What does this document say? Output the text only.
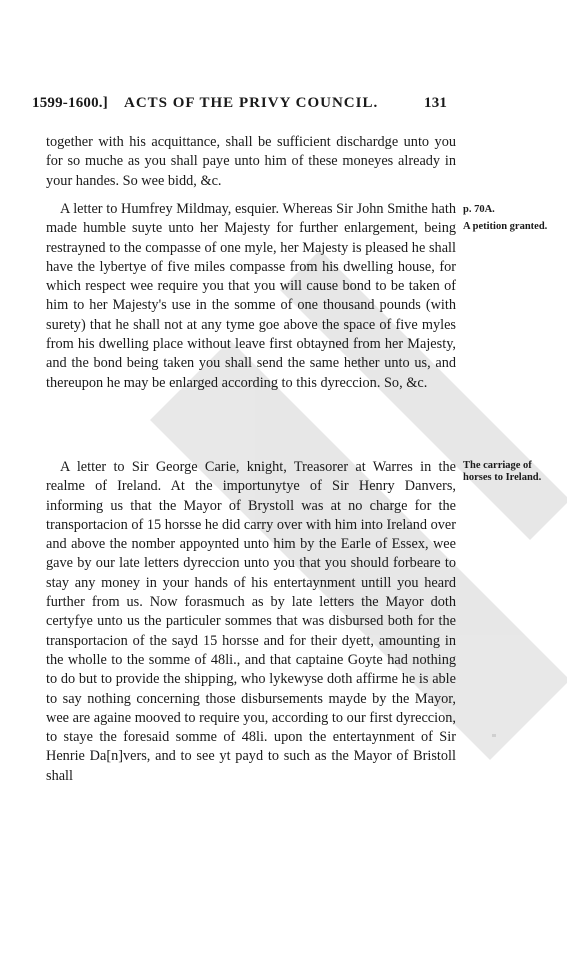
1599-1600.] ACTS OF THE PRIVY COUNCIL.	131

together with his acquittance, shall be sufficient dischardge unto you for so muche as you shall paye unto him of these moneyes already in your handes. So wee bidd, &c.

A letter to Humfrey Mildmay, esquier. Whereas Sir John Smithe hath made humble suyte unto her Majesty for further enlargement, being restrayned to the compasse of one myle, her Majesty is pleased he shall have the lybertye of five miles compasse from his dwelling house, for which respect wee require you that you will cause bond to be taken of him to her Majesty's use in the somme of one thousand pounds (with surety) that he shall not at any tyme goe above the space of five myles from his dwelling place without leave first obtayned from her Majesty, and the bond being taken you shall send the same hether unto us, and thereupon he may be enlarged according to this dyreccion. So, &c.

A letter to Sir George Carie, knight, Treasorer at Warres in the realme of Ireland. At the importunytye of Sir Henry Danvers, informing us that the Mayor of Brystoll was at no charge for the transportacion of 15 horsse he did carry over with him into Ireland over and above the nomber appoynted unto him by the Earle of Essex, wee gave by our late letters dyreccion unto you that you should forbeare to stay any money in your hands of his entertaynment untill you heard further from us. Now forasmuch as by late letters the Mayor doth certyfye unto us the particuler sommes that was disbursed both for the transportacion of the sayd 15 horsse and for their dyett, amounting in the wholle to the somme of 48li., and that captaine Goyte had nothing to do but to provide the shipping, who lykewyse doth affirme he is able to say nothing concerning those disbursements mayde by the Mayor, wee are againe mooved to require you, according to our first dyreccion, to staye the foresaid somme of 48li. upon the entertaynment of Sir Henrie Da[n]vers, and to see yt payd to such as the Mayor of Bristoll shall

p. 70A.
A petition granted.
The carriage of horses to Ireland.
